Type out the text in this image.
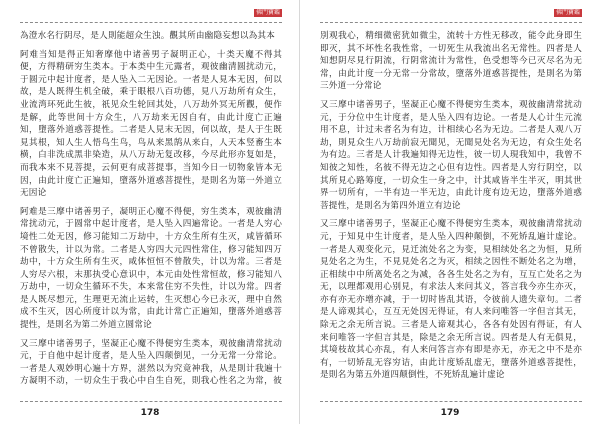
佛門寶鑑

為澄水名行阴尽，是人則能超众生浊。觀其所由幽隐妄想以為其本

阿难当知是得正知奢摩他中诸善男子凝明正心，十类天魔不得其便，方得精研穷生类本。于本类中生元露者，观彼幽清圆扰动元，于圆元中起计度者，是人坠入二无因论。一者是人見本无因，何以故，是人既得生机全破，乘于眼根八百功德，見八万劫所有众生，业流湾环死此生彼，祇见众生轮回其处，八万劫外冥无所觀，便作是解，此等世间十方众生，八万劫来无因自有，由此计度亡正遍知，墮落外道惑菩提性。二者是人見末无因，何以故，是人于生既見其根，知人生人悟鸟生鸟，鸟从来黑鹄从来白，人天本竖畜生本横，白非洗成黑非染造，从八万劫无复改移，今尽此形亦复如是，而我本来不見菩提，云何更有成菩提事，当知今日一切物象皆本无因，由此计度亡正遍知，墮落外道惑菩提性，是則名为第一外道立无因论

阿难是三摩中诸善男子，凝明正心魔不得便，穷生类本，观彼幽清常扰动元，于圆常中起计度者，是人坠入四遍常论。一者是人穷心境性二处无因，修习能知二万劫中，十方众生所有生灭，咸皆循环不曾散失，计以为常。二者是人穷四大元四性常住，修习能知四万劫中，十方众生所有生灭，咸体恒恒不曾散失，计以为常。三者是人穷尽六根，末那执受心意识中，本元由处性常恒故，修习能知八万劫中，一切众生循环不失，本来常住穷不失性，计以为常。四者是人既尽想元，生理更无流止运转，生灭想心今已永灭，理中自然成不生灭，因心所度计以为常，由此计常亡正遍知，墮落外道惑菩提性，是則名为第二外道立圆常论

又三摩中诸善男子，坚凝正心魔不得便穷生类本，观彼幽清常扰动元，于自他中起计度者，是人坠入四颠倒见，一分无常一分常论。一者是人观妙明心遍十方界，湛然以为究竟神我，从是則计我遍十方凝明不动，一切众生于我心中自生自死，則我心性名之为常，彼

178
佛門寶鑑

別观我心，精细微密犹如微尘，流转十方性无移改，能令此身即生即灭，其不坏性名我性常，一切死生从我流出名无常性。四者是人知想阴尽見行阴流，行阴常流计为常性，色受想等今已灭尽名为无常，由此计度一分无常一分常故，墮落外道惑菩提性，是則名为第三外道一分常论

又三摩中诸善男子，坚凝正心魔不得便穷生类本，观彼幽清常扰动元，于分位中生计度者，是人坠入四有边论。一者是人心计生元流用不息，计过未者名为有边，计相续心名为无边。二者是人观八万劫，則見众生八万劫前寂无聞见，无聞見处名为无边，有众生处名为有边。三者是人计我遍知得无边性，彼一切人現我知中，我曾不知彼之知性，名彼不得无边之心但有边性。四者是人穷行阴空，以其所見心路筹度，一切众生一身之中，计其咸皆半生半灭，明其世界一切所有，一半有边一半无边，由此计度有边无边，墮落外道惑菩提性，是則名为第四外道立有边论

又三摩中诸善男子，坚凝正心魔不得便穷生类本，观彼幽清常扰动元，于知見中生计度者，是人坠入四种颠倒，不死矫乱遍计虚论。一者是人观变化元，見迁流处名之为变，見相续处名之为恒，見所見处名之为生，不見見处名之为灭，相续之因性不断处名之为增，正相续中中所离处名之为减，各各生处名之为有，互互亡处名之为无，以理都观用心别見，有求法人来问其义，答言我今亦生亦灭，亦有亦无亦增亦减，于一切时皆乱其语，令彼前人遗失章句。二者是人谛观其心，互互无处因无得证，有人来问唯答一字但言其无，除无之余无所言说。三者是人谛观其心，各各有处因有得证，有人来问唯答一字但言其是，除是之余无所言说。四者是人有无俱見，其境枝故其心亦乱，有人来问答言亦有即是亦无，亦无之中不是亦有，一切矫乱无容穷诘，由此计度矫乱虚无，墮落外道惑菩提性，是則名为第五外道四颠倒性，不死矫乱遍计虚论

179
